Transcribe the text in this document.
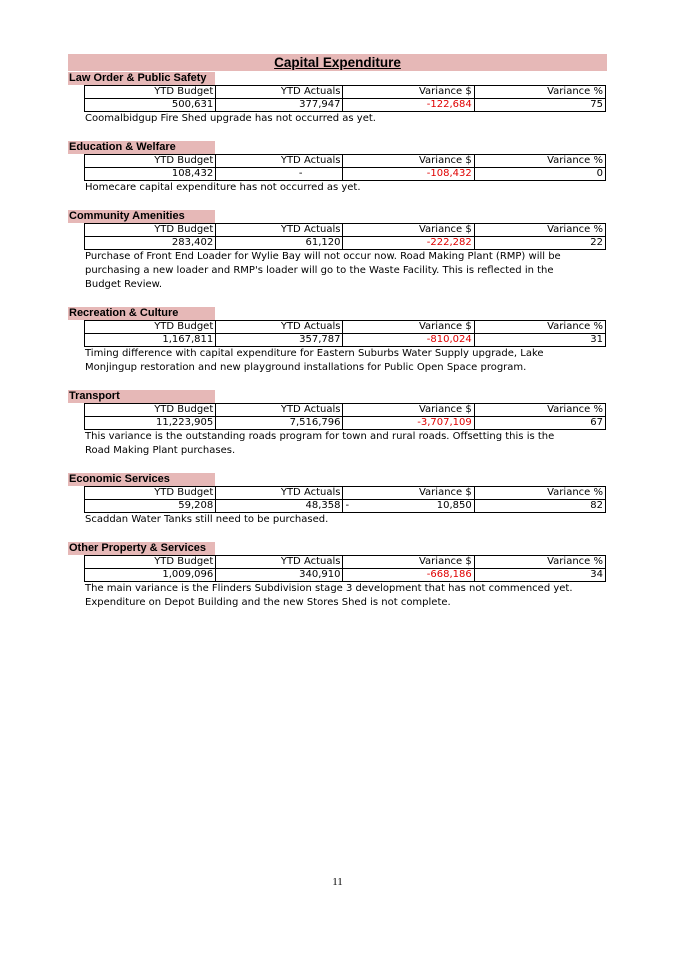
Capital Expenditure
Law Order & Public Safety
YTD Budget	YTD Actuals	Variance $	Variance %
500,631	377,947	-122,684	75
Coomalbidgup Fire Shed upgrade has not occurred as yet.
Education & Welfare
YTD Budget	YTD Actuals	Variance $	Variance %
108,432	-	-108,432	0
Homecare capital expenditure has not occurred as yet.
Community Amenities
YTD Budget	YTD Actuals	Variance $	Variance %
283,402	61,120	-222,282	22
Purchase of Front End Loader for Wylie Bay will not occur now. Road Making Plant (RMP) will be
purchasing a new loader and RMP's loader will go to the Waste Facility. This is reflected in the
Budget Review.
Recreation & Culture
YTD Budget	YTD Actuals	Variance $	Variance %
1,167,811	357,787	-810,024	31
Timing difference with capital expenditure for Eastern Suburbs Water Supply upgrade, Lake
Monjingup restoration and new playground installations for Public Open Space program.
Transport
YTD Budget	YTD Actuals	Variance $	Variance %
11,223,905	7,516,796	-3,707,109	67
This variance is the outstanding roads program for town and rural roads. Offsetting this is the
Road Making Plant purchases.
Economic Services
YTD Budget	YTD Actuals	Variance $	Variance %
59,208	48,358	- 10,850	82
Scaddan Water Tanks still need to be purchased.
Other Property & Services
YTD Budget	YTD Actuals	Variance $	Variance %
1,009,096	340,910	-668,186	34
The main variance is the Flinders Subdivision stage 3 development that has not commenced yet.
Expenditure on Depot Building and the new Stores Shed is not complete.
11
